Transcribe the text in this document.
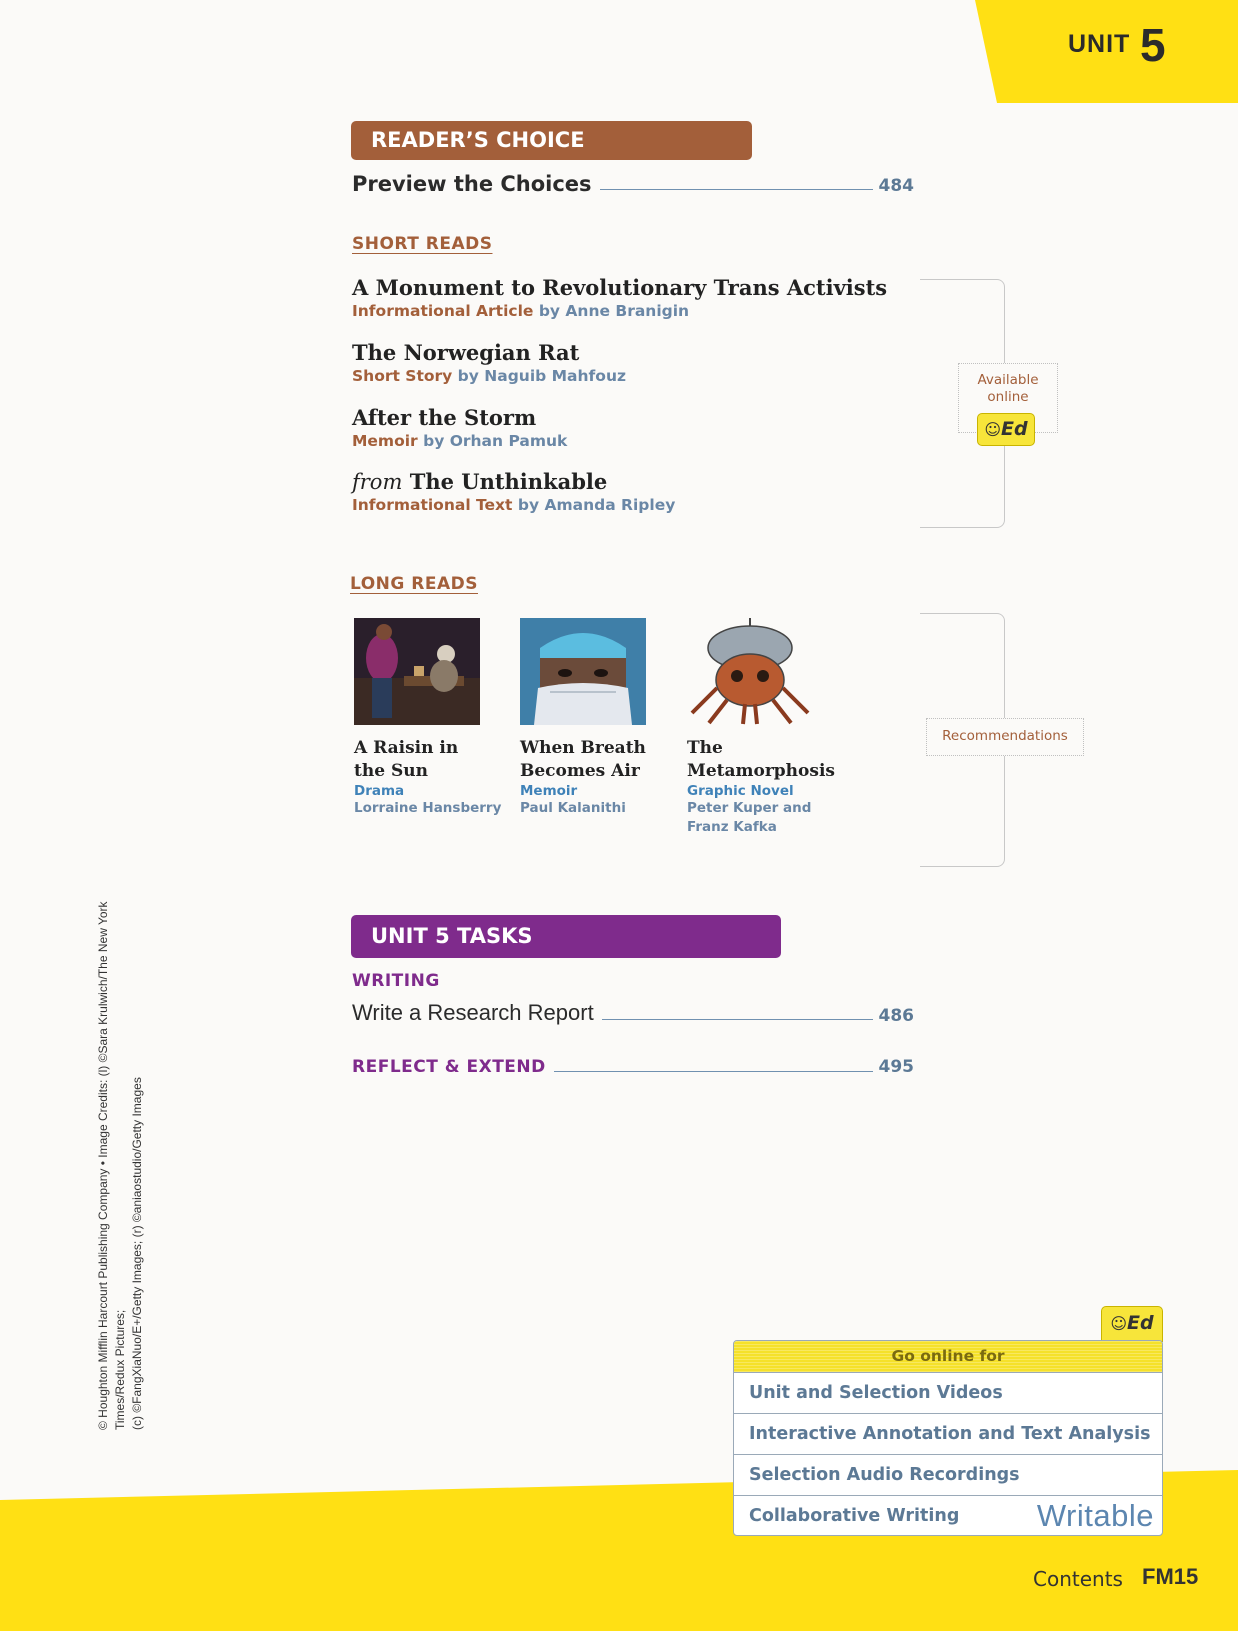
UNIT 5
READER’S CHOICE
Preview the Choices	484
SHORT READS
A Monument to Revolutionary Trans Activists
Informational Article by Anne Branigin
The Norwegian Rat
Short Story by Naguib Mahfouz
After the Storm
Memoir by Orhan Pamuk
from The Unthinkable
Informational Text by Amanda Ripley
Available online
☺Ed
LONG READS
A Raisin in
the Sun
Drama
Lorraine Hansberry
When Breath
Becomes Air
Memoir
Paul Kalanithi
The
Metamorphosis
Graphic Novel
Peter Kuper and
Franz Kafka
Recommendations
UNIT 5 TASKS
WRITING
Write a Research Report	486
REFLECT & EXTEND	495
© Houghton Mifflin Harcourt Publishing Company • Image Credits: (l) ©Sara Krulwich/The New York Times/Redux Pictures; (c) ©FangXiaNuo/E+/Getty Images; (r) ©aniaostudio/Getty Images	☺Ed
Go online for
Unit and Selection Videos
Interactive Annotation and Text Analysis
Selection Audio Recordings
Collaborative Writing Writable
Contents FM15
